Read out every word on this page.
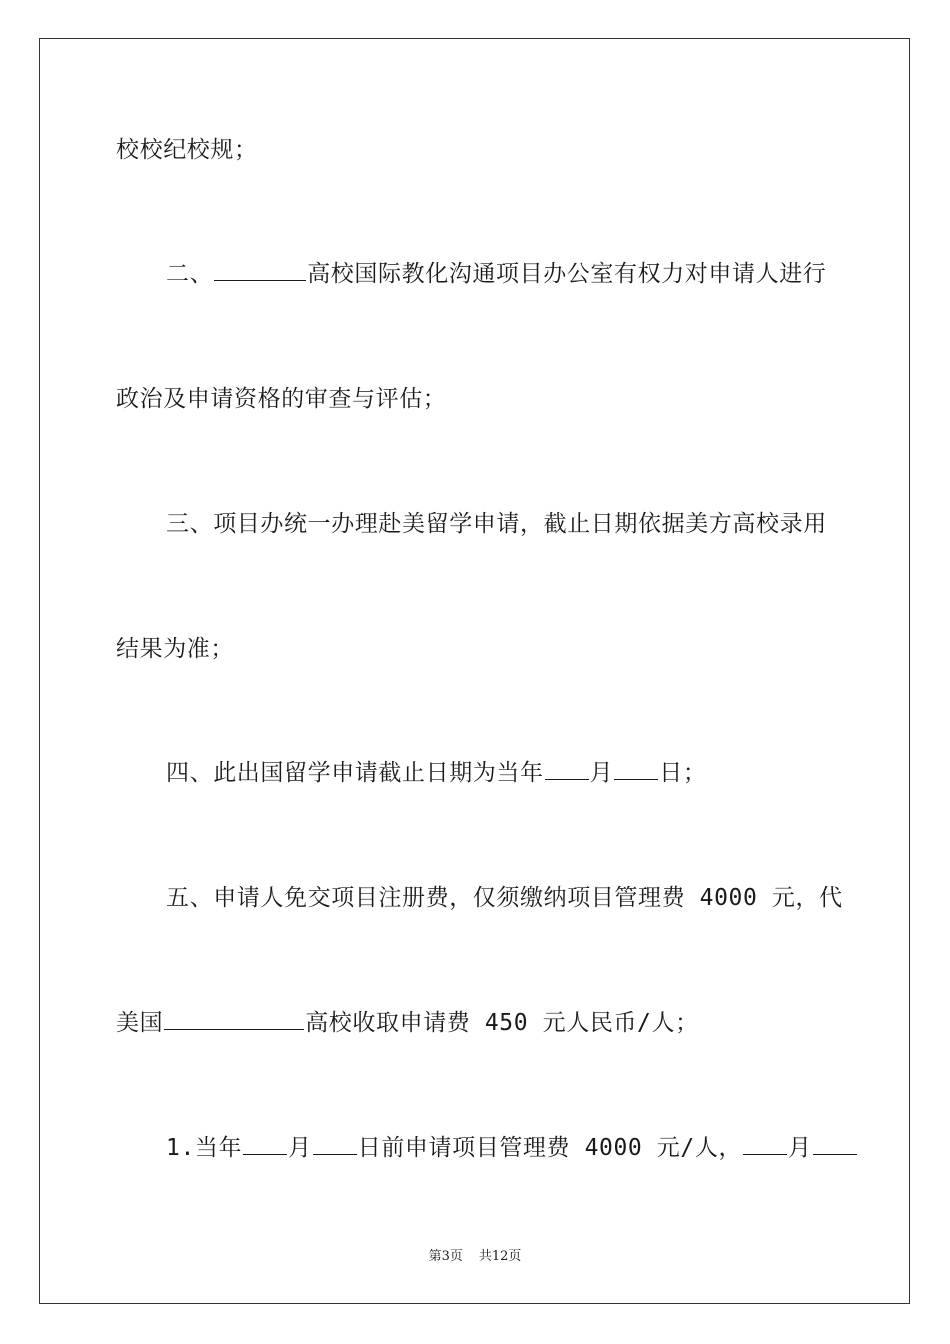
校校纪校规；
二、	高校国际教化沟通项目办公室有权力对申请人进行
政治及申请资格的审查与评估；
三、项目办统一办理赴美留学申请，截止日期依据美方高校录用
结果为准；
四、此出国留学申请截止日期为当年 月 日；
五、申请人免交项目注册费，仅须缴纳项目管理费 4000 元，代
美国	高校收取申请费 450 元人民币/人；
1.当年 月 日前申请项目管理费 4000 元/人， 月
第3页 共12页
